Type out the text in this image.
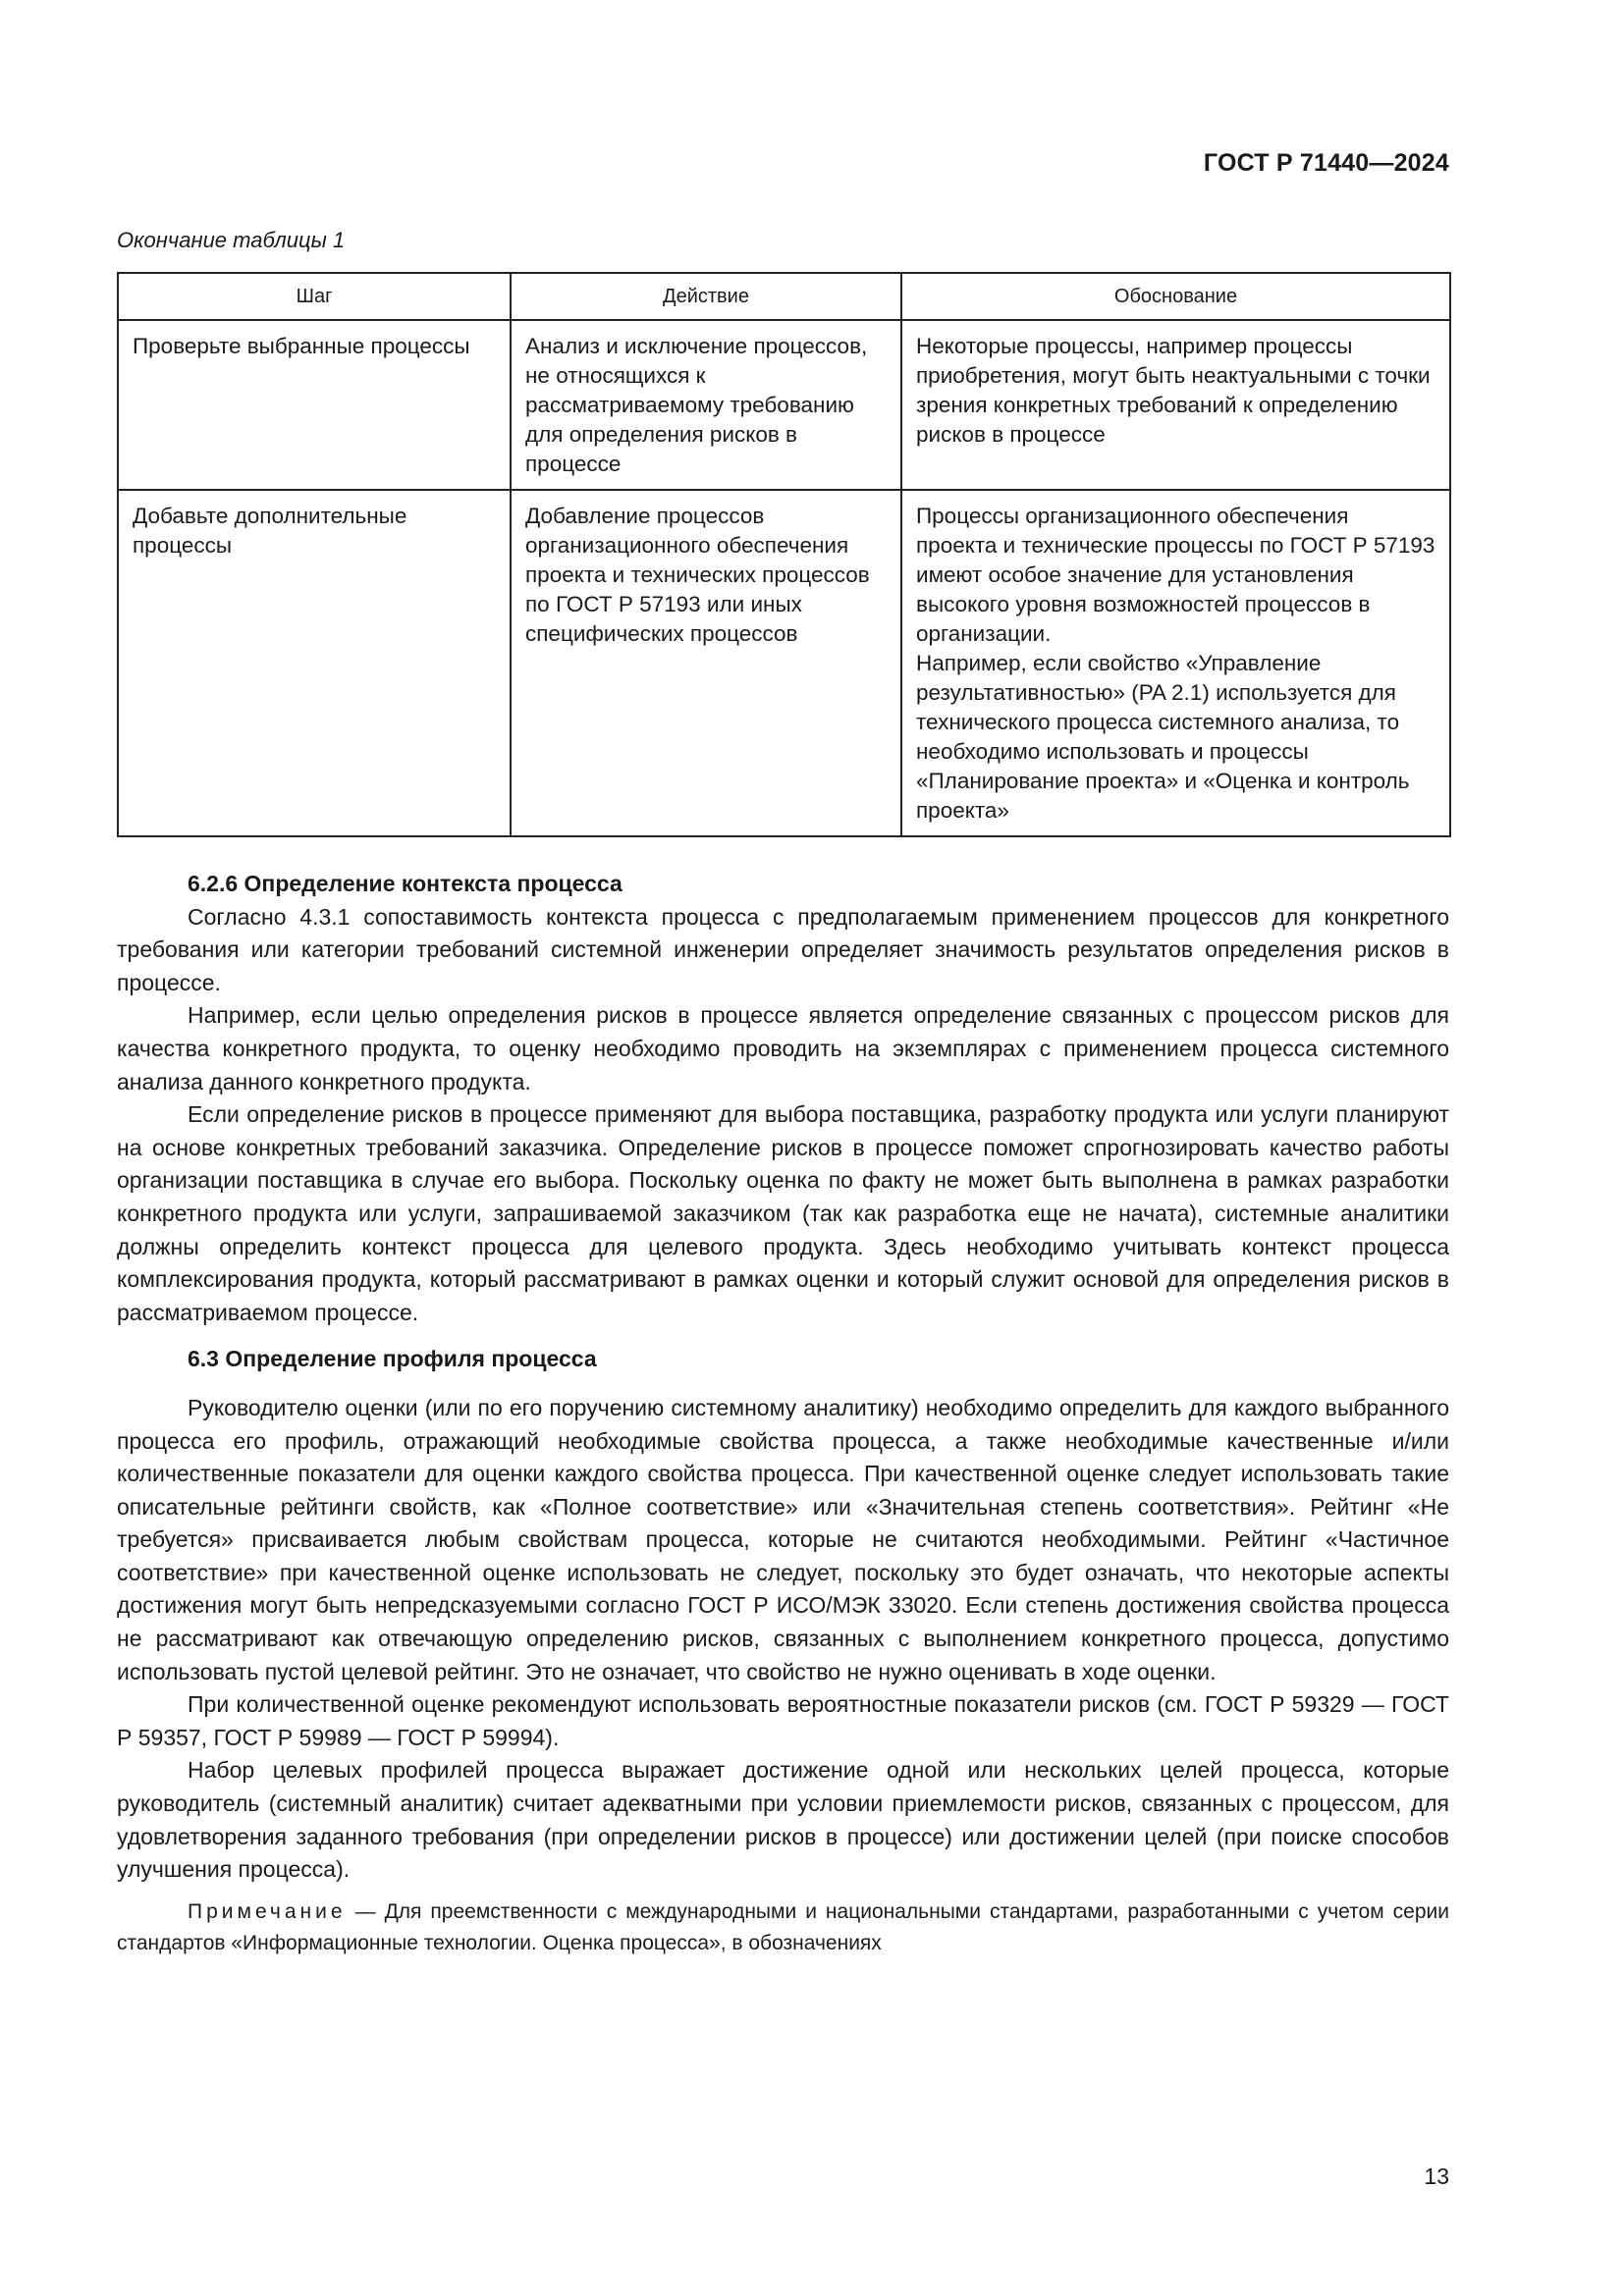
ГОСТ Р 71440—2024
Окончание таблицы 1
Шаг	Действие	Обоснование
Проверьте выбранные процессы	Анализ и исключение процессов, не относящихся к рассматриваемому требованию для определения рисков в процессе	Некоторые процессы, например процессы приобретения, могут быть неактуальными с точки зрения конкретных требований к определению рисков в процессе
Добавьте дополнительные процессы	Добавление процессов организационного обеспечения проекта и технических процессов по ГОСТ Р 57193 или иных специфических процессов	Процессы организационного обеспечения проекта и технические процессы по ГОСТ Р 57193 имеют особое значение для установления высокого уровня возможностей процессов в организации.
Например, если свойство «Управление результативностью» (PA 2.1) используется для технического процесса системного анализа, то необходимо использовать и процессы «Планирование проекта» и «Оценка и контроль проекта»
6.2.6 Определение контекста процесса

Согласно 4.3.1 сопоставимость контекста процесса с предполагаемым применением процессов для конкретного требования или категории требований системной инженерии определяет значимость результатов определения рисков в процессе.

Например, если целью определения рисков в процессе является определение связанных с процессом рисков для качества конкретного продукта, то оценку необходимо проводить на экземплярах с применением процесса системного анализа данного конкретного продукта.

Если определение рисков в процессе применяют для выбора поставщика, разработку продукта или услуги планируют на основе конкретных требований заказчика. Определение рисков в процессе поможет спрогнозировать качество работы организации поставщика в случае его выбора. Поскольку оценка по факту не может быть выполнена в рамках разработки конкретного продукта или услуги, запрашиваемой заказчиком (так как разработка еще не начата), системные аналитики должны определить контекст процесса для целевого продукта. Здесь необходимо учитывать контекст процесса комплексирования продукта, который рассматривают в рамках оценки и который служит основой для определения рисков в рассматриваемом процессе.

6.3 Определение профиля процесса

Руководителю оценки (или по его поручению системному аналитику) необходимо определить для каждого выбранного процесса его профиль, отражающий необходимые свойства процесса, а также необходимые качественные и/или количественные показатели для оценки каждого свойства процесса. При качественной оценке следует использовать такие описательные рейтинги свойств, как «Полное соответствие» или «Значительная степень соответствия». Рейтинг «Не требуется» присваивается любым свойствам процесса, которые не считаются необходимыми. Рейтинг «Частичное соответствие» при качественной оценке использовать не следует, поскольку это будет означать, что некоторые аспекты достижения могут быть непредсказуемыми согласно ГОСТ Р ИСО/МЭК 33020. Если степень достижения свойства процесса не рассматривают как отвечающую определению рисков, связанных с выполнением конкретного процесса, допустимо использовать пустой целевой рейтинг. Это не означает, что свойство не нужно оценивать в ходе оценки.

При количественной оценке рекомендуют использовать вероятностные показатели рисков (см. ГОСТ Р 59329 — ГОСТ Р 59357, ГОСТ Р 59989 — ГОСТ Р 59994).

Набор целевых профилей процесса выражает достижение одной или нескольких целей процесса, которые руководитель (системный аналитик) считает адекватными при условии приемлемости рисков, связанных с процессом, для удовлетворения заданного требования (при определении рисков в процессе) или достижении целей (при поиске способов улучшения процесса).

Примечание — Для преемственности с международными и национальными стандартами, разработанными с учетом серии стандартов «Информационные технологии. Оценка процесса», в обозначениях

13
